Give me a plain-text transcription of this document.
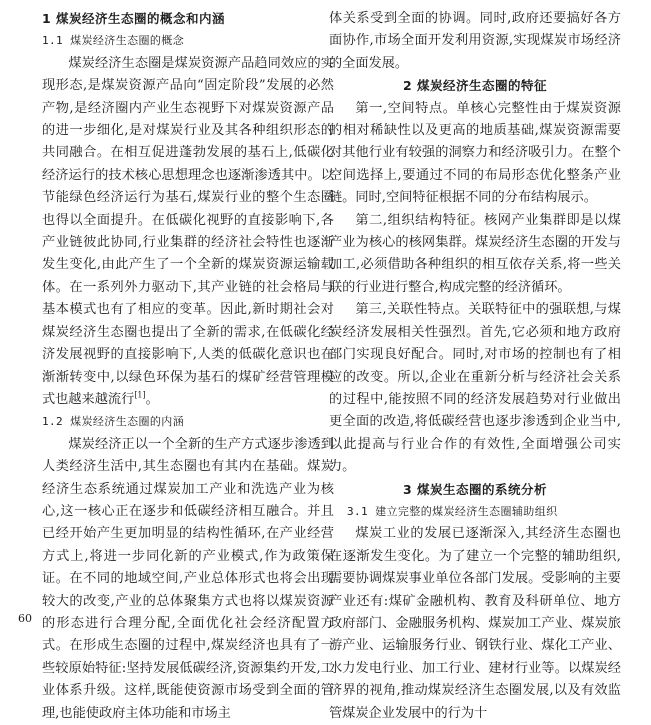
1 煤炭经济生态圈的概念和内涵
1.1 煤炭经济生态圈的概念

煤炭经济生态圈是煤炭资源产品趋同效应的实现形态,是煤炭资源产品向“固定阶段”发展的必然产物,是经济圈内产业生态视野下对煤炭资源产品的进一步细化,是对煤炭行业及其各种组织形态的共同融合。在相互促进蓬勃发展的基石上,低碳化经济运行的技术核心思想理念也逐渐渗透其中。以节能绿色经济运行为基石,煤炭行业的整个生态圈也得以全面提升。在低碳化视野的直接影响下,各产业链彼此协同,行业集群的经济社会特性也逐渐发生变化,由此产生了一个全新的煤炭资源运输载体。在一系列外力驱动下,其产业链的社会格局与基本模式也有了相应的变革。因此,新时期社会对煤炭经济生态圈也提出了全新的需求,在低碳化经济发展视野的直接影响下,人类的低碳化意识也在渐渐转变中,以绿色环保为基石的煤矿经营管理模式也越来越流行[1]。

1.2 煤炭经济生态圈的内涵

煤炭经济正以一个全新的生产方式逐步渗透到人类经济生活中,其生态圈也有其内在基础。煤炭经济生态系统通过煤炭加工产业和洗选产业为核心,这一核心正在逐步和低碳经济相互融合。并且已经开始产生更加明显的结构性循环,在产业经营方式上,将进一步同化新的产业模式,作为政策保证。在不同的地域空间,产业总体形式也将会出现较大的改变,产业的总体聚集方式也将以煤炭资源的形态进行合理分配,全面优化社会经济配置方式。在形成生态圈的过程中,煤炭经济也具有了一些较原始特征:坚持发展低碳经济,资源集约开发,工业体系升级。这样,既能使资源市场受到全面的管理,也能使政府主体功能和市场主

体关系受到全面的协调。同时,政府还要搞好各方面协作,市场全面开发利用资源,实现煤炭市场经济的全面发展。

2 煤炭经济生态圈的特征

第一,空间特点。单核心完整性由于煤炭资源的相对稀缺性以及更高的地质基础,煤炭资源需要对其他行业有较强的洞察力和经济吸引力。在整个空间选择上,要通过不同的布局形态优化整条产业链。同时,空间特征根据不同的分布结构展示。

第二,组织结构特征。核网产业集群即是以煤产业为核心的核网集群。煤炭经济生态圈的开发与加工,必须借助各种组织的相互依存关系,将一些关联的行业进行整合,构成完整的经济循环。

第三,关联性特点。关联特征中的强联想,与煤炭经济发展相关性强烈。首先,它必须和地方政府部门实现良好配合。同时,对市场的控制也有了相应的改变。所以,企业在重新分析与经济社会关系的过程中,能按照不同的经济发展趋势对行业做出更全面的改造,将低碳经营也逐步渗透到企业当中,以此提高与行业合作的有效性,全面增强公司实力。

3 煤炭生态圈的系统分析
3.1 建立完整的煤炭经济生态圈辅助组织

煤炭工业的发展已逐渐深入,其经济生态圈也在逐渐发生变化。为了建立一个完整的辅助组织,需要协调煤炭事业单位各部门发展。受影响的主要产业还有:煤矿金融机构、教育及科研单位、地方政府部门、金融服务机构、煤炭加工产业、煤炭旅游产业、运输服务行业、钢铁行业、煤化工产业、水力发电行业、加工行业、建材行业等。以煤炭经济界的视角,推动煤炭经济生态圈发展,以及有效监管煤炭企业发展中的行为十

60
